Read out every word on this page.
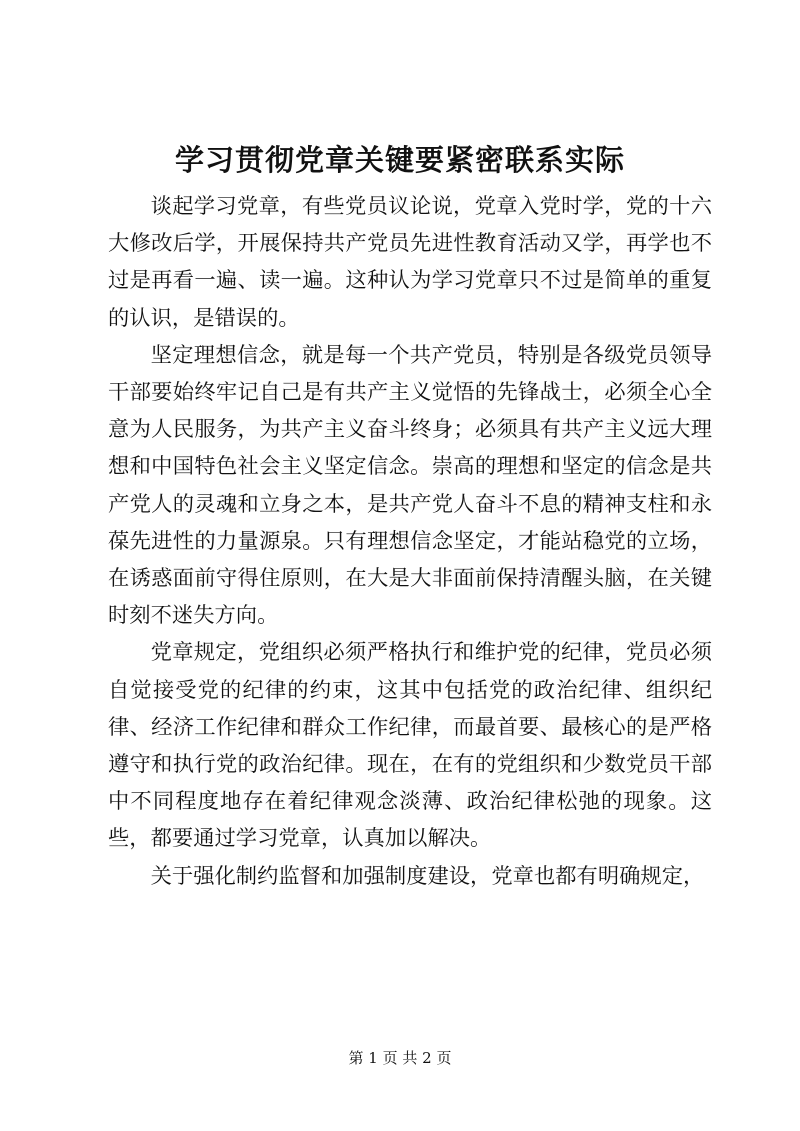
学习贯彻党章关键要紧密联系实际

谈起学习党章，有些党员议论说，党章入党时学，党的十六大修改后学，开展保持共产党员先进性教育活动又学，再学也不过是再看一遍、读一遍。这种认为学习党章只不过是简单的重复的认识，是错误的。

坚定理想信念，就是每一个共产党员，特别是各级党员领导干部要始终牢记自己是有共产主义觉悟的先锋战士，必须全心全意为人民服务，为共产主义奋斗终身；必须具有共产主义远大理想和中国特色社会主义坚定信念。崇高的理想和坚定的信念是共产党人的灵魂和立身之本，是共产党人奋斗不息的精神支柱和永葆先进性的力量源泉。只有理想信念坚定，才能站稳党的立场，在诱惑面前守得住原则，在大是大非面前保持清醒头脑，在关键时刻不迷失方向。

党章规定，党组织必须严格执行和维护党的纪律，党员必须自觉接受党的纪律的约束，这其中包括党的政治纪律、组织纪律、经济工作纪律和群众工作纪律，而最首要、最核心的是严格遵守和执行党的政治纪律。现在，在有的党组织和少数党员干部中不同程度地存在着纪律观念淡薄、政治纪律松弛的现象。这些，都要通过学习党章，认真加以解决。

关于强化制约监督和加强制度建设，党章也都有明确规定，

第 1 页 共 2 页
